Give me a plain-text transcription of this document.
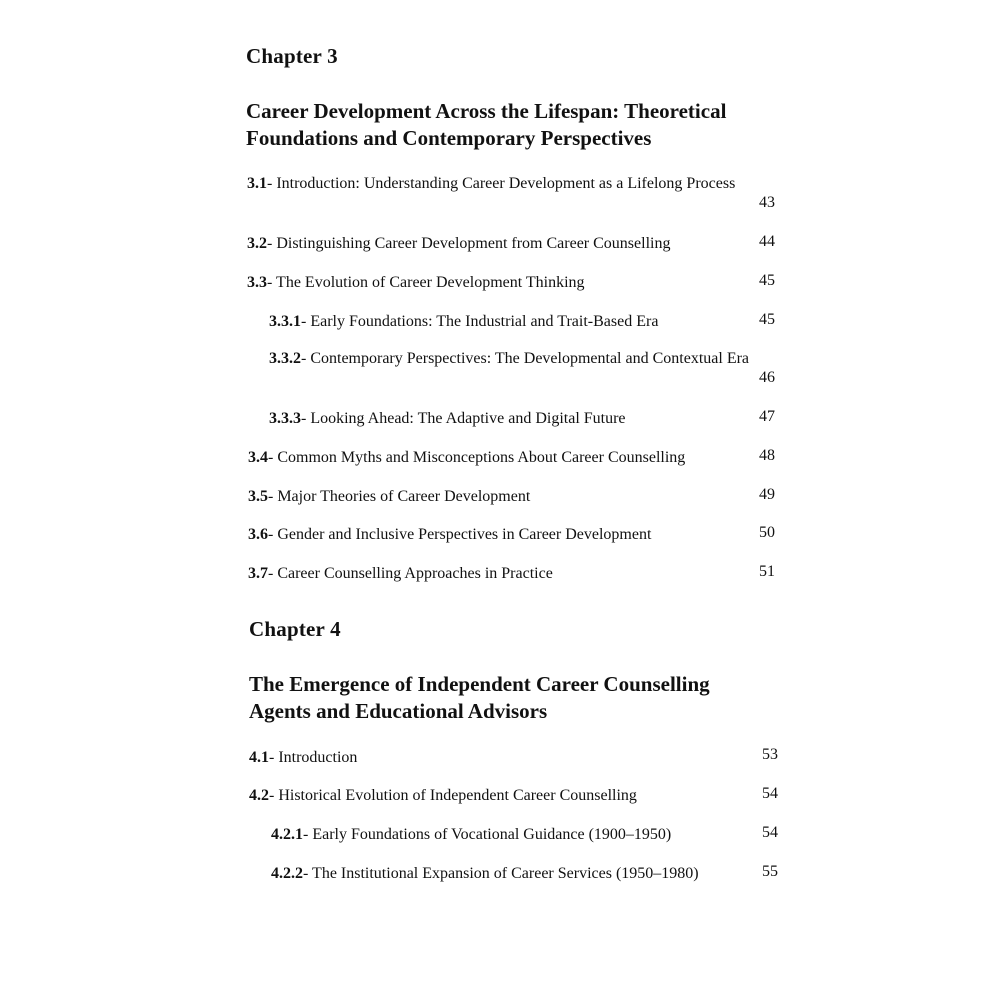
Chapter 3
Career Development Across the Lifespan: Theoretical
Foundations and Contemporary Perspectives
3.1- Introduction: Understanding Career Development as a Lifelong Process
43
3.2- Distinguishing Career Development from Career Counselling	44
3.3- The Evolution of Career Development Thinking	45
3.3.1- Early Foundations: The Industrial and Trait-Based Era	45
3.3.2- Contemporary Perspectives: The Developmental and Contextual Era
46
3.3.3- Looking Ahead: The Adaptive and Digital Future	47
3.4- Common Myths and Misconceptions About Career Counselling	48
3.5- Major Theories of Career Development	49
3.6- Gender and Inclusive Perspectives in Career Development	50
3.7- Career Counselling Approaches in Practice	51
Chapter 4
The Emergence of Independent Career Counselling
Agents and Educational Advisors
4.1- Introduction	53
4.2- Historical Evolution of Independent Career Counselling	54
4.2.1- Early Foundations of Vocational Guidance (1900–1950)	54
4.2.2- The Institutional Expansion of Career Services (1950–1980)	55
